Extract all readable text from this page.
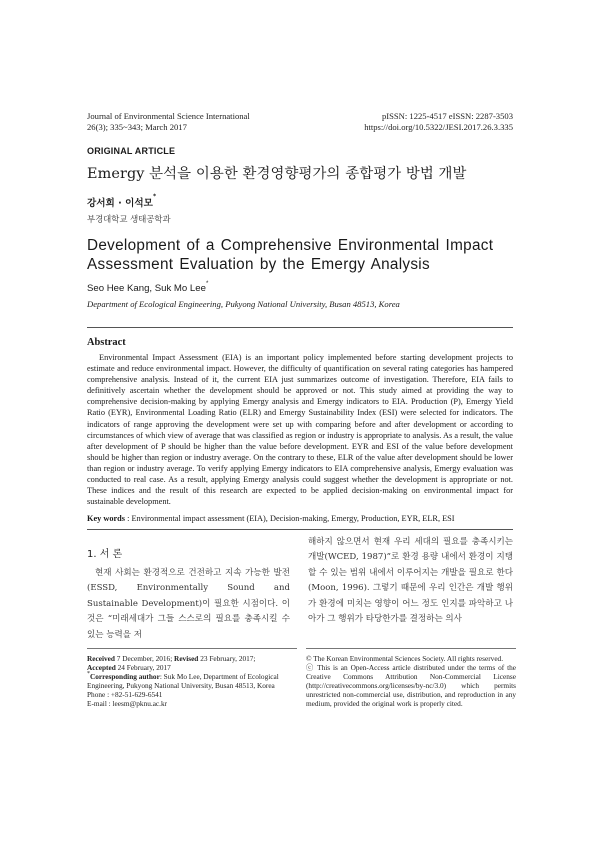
Journal of Environmental Science International
26(3); 335~343; March 2017
pISSN: 1225-4517 eISSN: 2287-3503
https://doi.org/10.5322/JESI.2017.26.3.335
ORIGINAL ARTICLE
Emergy 분석을 이용한 환경영향평가의 종합평가 방법 개발
강서희 · 이석모*
부경대학교 생태공학과
Development of a Comprehensive Environmental Impact Assessment Evaluation by the Emergy Analysis
Seo Hee Kang, Suk Mo Lee*
Department of Ecological Engineering, Pukyong National University, Busan 48513, Korea
Abstract

Environmental Impact Assessment (EIA) is an important policy implemented before starting development projects to estimate and reduce environmental impact. However, the difficulty of quantification on several rating categories has hampered comprehensive analysis. Instead of it, the current EIA just summarizes outcome of investigation. Therefore, EIA fails to definitively ascertain whether the development should be approved or not. This study aimed at providing the way to comprehensive decision-making by applying Emergy analysis and Emergy indicators to EIA. Production (P), Emergy Yield Ratio (EYR), Environmental Loading Ratio (ELR) and Emergy Sustainability Index (ESI) were selected for indicators. The indicators of range approving the development were set up with comparing before and after development or according to circumstances of which view of average that was classified as region or industry is appropriate to analysis. As a result, the value after development of P should be higher than the value before development. EYR and ESI of the value before development should be higher than region or industry average. On the contrary to these, ELR of the value after development should be lower than region or industry average. To verify applying Emergy indicators to EIA comprehensive analysis, Emergy evaluation was conducted to real case. As a result, applying Emergy analysis could suggest whether the development is appropriate or not. These indices and the result of this research are expected to be applied decision-making on environmental impact for sustainable development.

Key words : Environmental impact assessment (EIA), Decision-making, Emergy, Production, EYR, ELR, ESI
1. 서 론

현재 사회는 환경적으로 건전하고 지속 가능한 발전(ESSD, Environmentally Sound and Sustainable Development)이 필요한 시점이다. 이것은 “미래세대가 그들 스스로의 필요를 충족시킬 수 있는 능력을 저

해하지 않으면서 현재 우리 세대의 필요를 충족시키는 개발(WCED, 1987)”로 환경 용량 내에서 환경이 지탱할 수 있는 범위 내에서 이루어지는 개발을 필요로 한다(Moon, 1996). 그렇기 때문에 우리 인간은 개발 행위가 환경에 미치는 영향이 어느 정도 인지를 파악하고 나아가 그 행위가 타당한가를 결정하는 의사

Received 7 December, 2016; Revised 23 February, 2017;
Accepted 24 February, 2017
*Corresponding author: Suk Mo Lee, Department of Ecological Engineering, Pukyong National University, Busan 48513, Korea
Phone : +82-51-629-6541
E-mail : leesm@pknu.ac.kr
© The Korean Environmental Sciences Society. All rights reserved.
ⓒ This is an Open-Access article distributed under the terms of the Creative Commons Attribution Non-Commercial License (http://creativecommons.org/licenses/by-nc/3.0) which permits unrestricted non-commercial use, distribution, and reproduction in any medium, provided the original work is properly cited.
